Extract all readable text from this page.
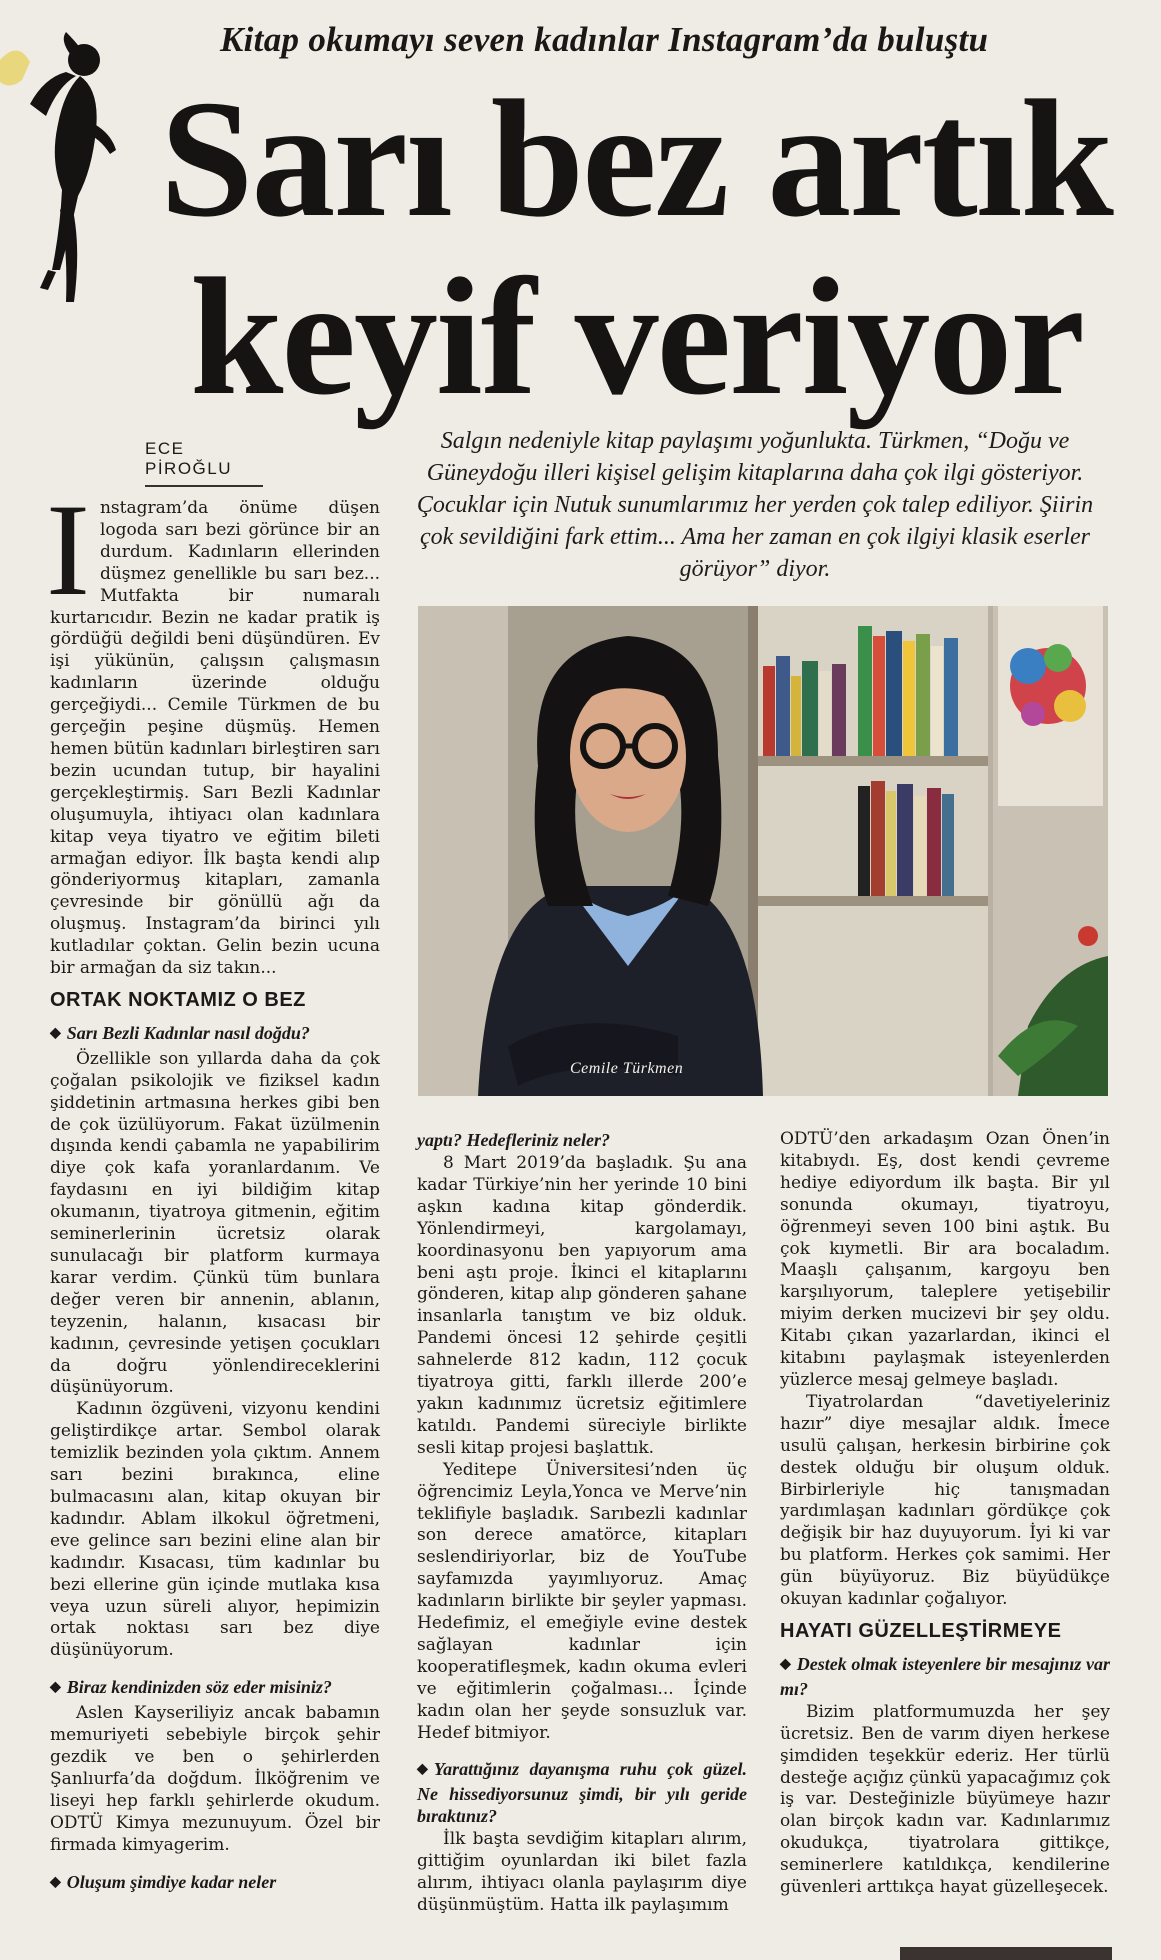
Kitap okumayı seven kadınlar Instagram’da buluştu
Sarı bez artık
keyif veriyor
ECE PİROĞLU
Salgın nedeniyle kitap paylaşımı yoğunlukta. Türkmen, “Doğu ve Güneydoğu illeri kişisel gelişim kitaplarına daha çok ilgi gösteriyor. Çocuklar için Nutuk sunumlarımız her yerden çok talep ediliyor. Şiirin çok sevildiğini fark ettim... Ama her zaman en çok ilgiyi klasik eserler görüyor” diyor.
I nstagram’da önüme düşen logoda sarı bezi görünce bir an durdum. Kadınların ellerinden düşmez genellikle bu sarı bez... Mutfakta bir numaralı kurtarıcıdır. Bezin ne kadar pratik iş gördüğü değildi beni düşündüren. Ev işi yükünün, çalışsın çalışmasın kadınların üzerinde olduğu gerçeğiydi... Cemile Türkmen de bu gerçeğin peşine düşmüş. Hemen hemen bütün kadınları birleştiren sarı bezin ucundan tutup, bir hayalini gerçekleştirmiş. Sarı Bezli Kadınlar oluşumuyla, ihtiyacı olan kadınlara kitap veya tiyatro ve eğitim bileti armağan ediyor. İlk başta kendi alıp gönderiyormuş kitapları, zamanla çevresinde bir gönüllü ağı da oluşmuş. Instagram’da birinci yılı kutladılar çoktan. Gelin bezin ucuna bir armağan da siz takın...

ORTAK NOKTAMIZ O BEZ
◆ Sarı Bezli Kadınlar nasıl doğdu?

Özellikle son yıllarda daha da çok çoğalan psikolojik ve fiziksel kadın şiddetinin artmasına herkes gibi ben de çok üzülüyorum. Fakat üzülmenin dışında kendi çabamla ne yapabilirim diye çok kafa yoranlardanım. Ve faydasını en iyi bildiğim kitap okumanın, tiyatroya gitmenin, eğitim seminerlerinin ücretsiz olarak sunulacağı bir platform kurmaya karar verdim. Çünkü tüm bunlara değer veren bir annenin, ablanın, teyzenin, halanın, kısacası bir kadının, çevresinde yetişen çocukları da doğru yönlendireceklerini düşünüyorum.

Kadının özgüveni, vizyonu kendini geliştirdikçe artar. Sembol olarak temizlik bezinden yola çıktım. Annem sarı bezini bırakınca, eline bulmacasını alan, kitap okuyan bir kadındır. Ablam ilkokul öğretmeni, eve gelince sarı bezini eline alan bir kadındır. Kısacası, tüm kadınlar bu bezi ellerine gün içinde mutlaka kısa veya uzun süreli alıyor, hepimizin ortak noktası sarı bez diye düşünüyorum.

◆ Biraz kendinizden söz eder misiniz?

Aslen Kayseriliyiz ancak babamın memuriyeti sebebiyle birçok şehir gezdik ve ben o şehirlerden Şanlıurfa’da doğdum. İlköğrenim ve liseyi hep farklı şehirlerde okudum. ODTÜ Kimya mezunuyum. Özel bir firmada kimyagerim.

◆ Oluşum şimdiye kadar neler
Cemile Türkmen
yaptı? Hedefleriniz neler?

8 Mart 2019’da başladık. Şu ana kadar Türkiye’nin her yerinde 10 bini aşkın kadına kitap gönderdik. Yönlendirmeyi, kargolamayı, koordinasyonu ben yapıyorum ama beni aştı proje. İkinci el kitaplarını gönderen, kitap alıp gönderen şahane insanlarla tanıştım ve biz olduk. Pandemi öncesi 12 şehirde çeşitli sahnelerde 812 kadın, 112 çocuk tiyatroya gitti, farklı illerde 200’e yakın kadınımız ücretsiz eğitimlere katıldı. Pandemi süreciyle birlikte sesli kitap projesi başlattık.

Yeditepe Üniversitesi’nden üç öğrencimiz Leyla,Yonca ve Merve’nin teklifiyle başladık. Sarıbezli kadınlar son derece amatörce, kitapları seslendiriyorlar, biz de YouTube sayfamızda yayımlıyoruz. Amaç kadınların birlikte bir şeyler yapması. Hedefimiz, el emeğiyle evine destek sağlayan kadınlar için kooperatifleşmek, kadın okuma evleri ve eğitimlerin çoğalması... İçinde kadın olan her şeyde sonsuzluk var. Hedef bitmiyor.

◆ Yarattığınız dayanışma ruhu çok güzel. Ne hissediyorsunuz şimdi, bir yılı geride bıraktınız?

İlk başta sevdiğim kitapları alırım, gittiğim oyunlardan iki bilet fazla alırım, ihtiyacı olanla paylaşırım diye düşünmüştüm. Hatta ilk paylaşımım

ODTÜ’den arkadaşım Ozan Önen’in kitabıydı. Eş, dost kendi çevreme hediye ediyordum ilk başta. Bir yıl sonunda okumayı, tiyatroyu, öğrenmeyi seven 100 bini aştık. Bu çok kıymetli. Bir ara bocaladım. Maaşlı çalışanım, kargoyu ben karşılıyorum, taleplere yetişebilir miyim derken mucizevi bir şey oldu. Kitabı çıkan yazarlardan, ikinci el kitabını paylaşmak isteyenlerden yüzlerce mesaj gelmeye başladı.

Tiyatrolardan “davetiyeleriniz hazır” diye mesajlar aldık. İmece usulü çalışan, herkesin birbirine çok destek olduğu bir oluşum olduk. Birbirleriyle hiç tanışmadan yardımlaşan kadınları gördükçe çok değişik bir haz duyuyorum. İyi ki var bu platform. Herkes çok samimi. Her gün büyüyoruz. Biz büyüdükçe okuyan kadınlar çoğalıyor.

HAYATI GÜZELLEŞTİRMEYE
◆ Destek olmak isteyenlere bir mesajınız var mı?

Bizim platformumuzda her şey ücretsiz. Ben de varım diyen herkese şimdiden teşekkür ederiz. Her türlü desteğe açığız çünkü yapacağımız çok iş var. Desteğinizle büyümeye hazır olan birçok kadın var. Kadınlarımız okudukça, tiyatrolara gittikçe, seminerlere katıldıkça, kendilerine güvenleri arttıkça hayat güzelleşecek.
